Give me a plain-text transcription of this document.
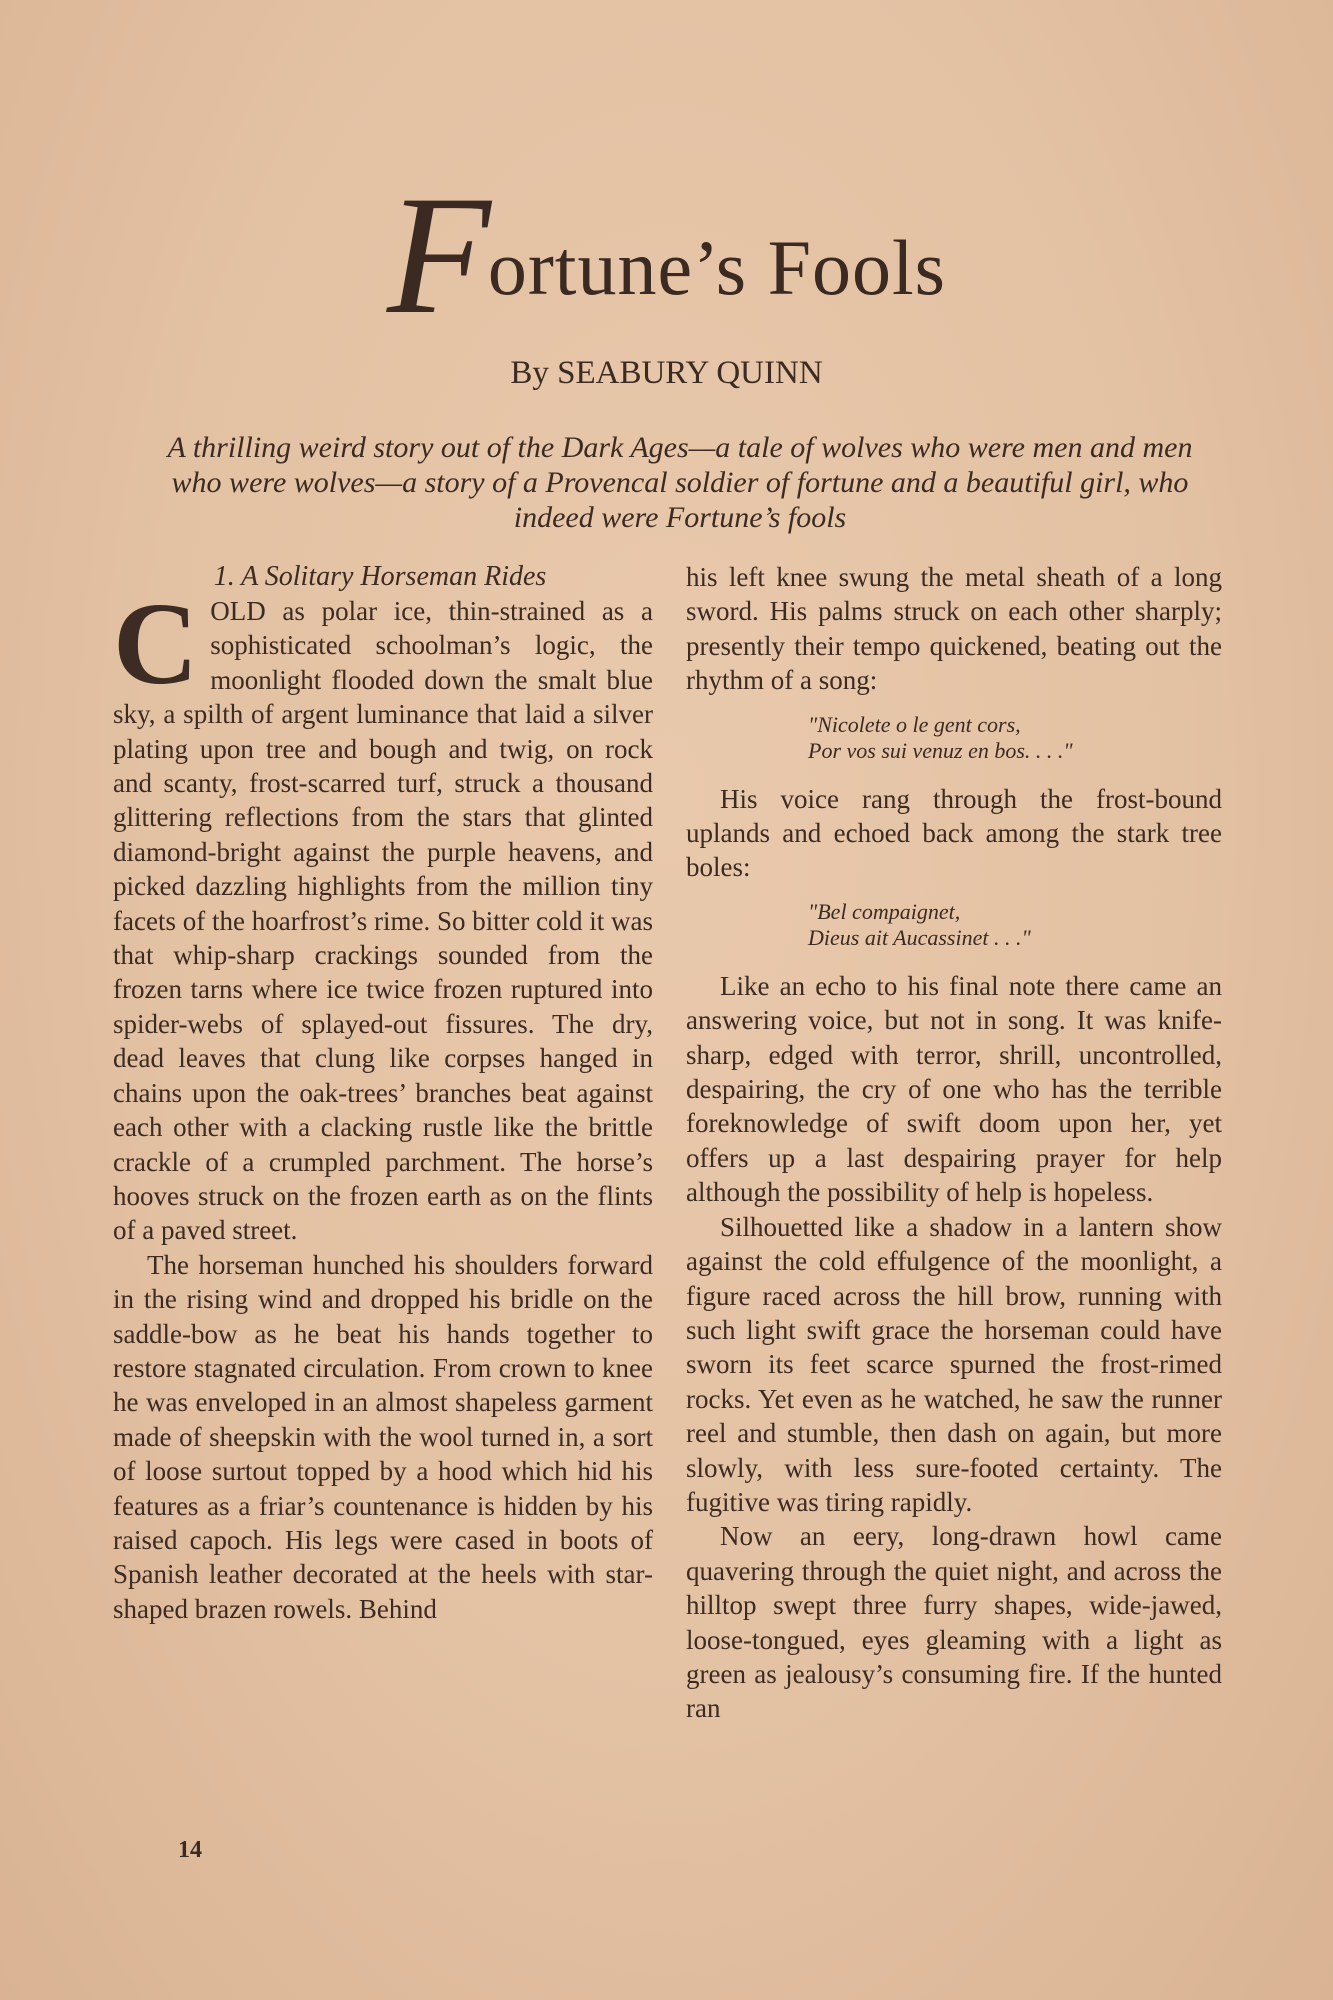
Fortune’s Fools

By SEABURY QUINN

A thrilling weird story out of the Dark Ages—a tale of wolves who were men and men who were wolves—a story of a Provencal soldier of fortune and a beautiful girl, who indeed were Fortune’s fools

1. A Solitary Horseman Rides

COLD as polar ice, thin-strained as a sophisticated schoolman’s logic, the moonlight flooded down the smalt blue sky, a spilth of argent luminance that laid a silver plating upon tree and bough and twig, on rock and scanty, frost-scarred turf, struck a thousand glittering reflections from the stars that glinted diamond-bright against the purple heavens, and picked dazzling highlights from the million tiny facets of the hoarfrost’s rime. So bitter cold it was that whip-sharp crackings sounded from the frozen tarns where ice twice frozen ruptured into spider-webs of splayed-out fissures. The dry, dead leaves that clung like corpses hanged in chains upon the oak-trees’ branches beat against each other with a clacking rustle like the brittle crackle of a crumpled parchment. The horse’s hooves struck on the frozen earth as on the flints of a paved street.

The horseman hunched his shoulders forward in the rising wind and dropped his bridle on the saddle-bow as he beat his hands together to restore stagnated circulation. From crown to knee he was enveloped in an almost shapeless garment made of sheepskin with the wool turned in, a sort of loose surtout topped by a hood which hid his features as a friar’s countenance is hidden by his raised capoch. His legs were cased in boots of Spanish leather decorated at the heels with star-shaped brazen rowels. Behind

his left knee swung the metal sheath of a long sword. His palms struck on each other sharply; presently their tempo quickened, beating out the rhythm of a song:

"Nicolete o le gent cors,
Por vos sui venuz en bos. . . ."

His voice rang through the frost-bound uplands and echoed back among the stark tree boles:

"Bel compaignet,
Dieus ait Aucassinet . . ."

Like an echo to his final note there came an answering voice, but not in song. It was knife-sharp, edged with terror, shrill, uncontrolled, despairing, the cry of one who has the terrible foreknowledge of swift doom upon her, yet offers up a last despairing prayer for help although the possibility of help is hopeless.

Silhouetted like a shadow in a lantern show against the cold effulgence of the moonlight, a figure raced across the hill brow, running with such light swift grace the horseman could have sworn its feet scarce spurned the frost-rimed rocks. Yet even as he watched, he saw the runner reel and stumble, then dash on again, but more slowly, with less sure-footed certainty. The fugitive was tiring rapidly.

Now an eery, long-drawn howl came quavering through the quiet night, and across the hilltop swept three furry shapes, wide-jawed, loose-tongued, eyes gleaming with a light as green as jealousy’s consuming fire. If the hunted ran

14
